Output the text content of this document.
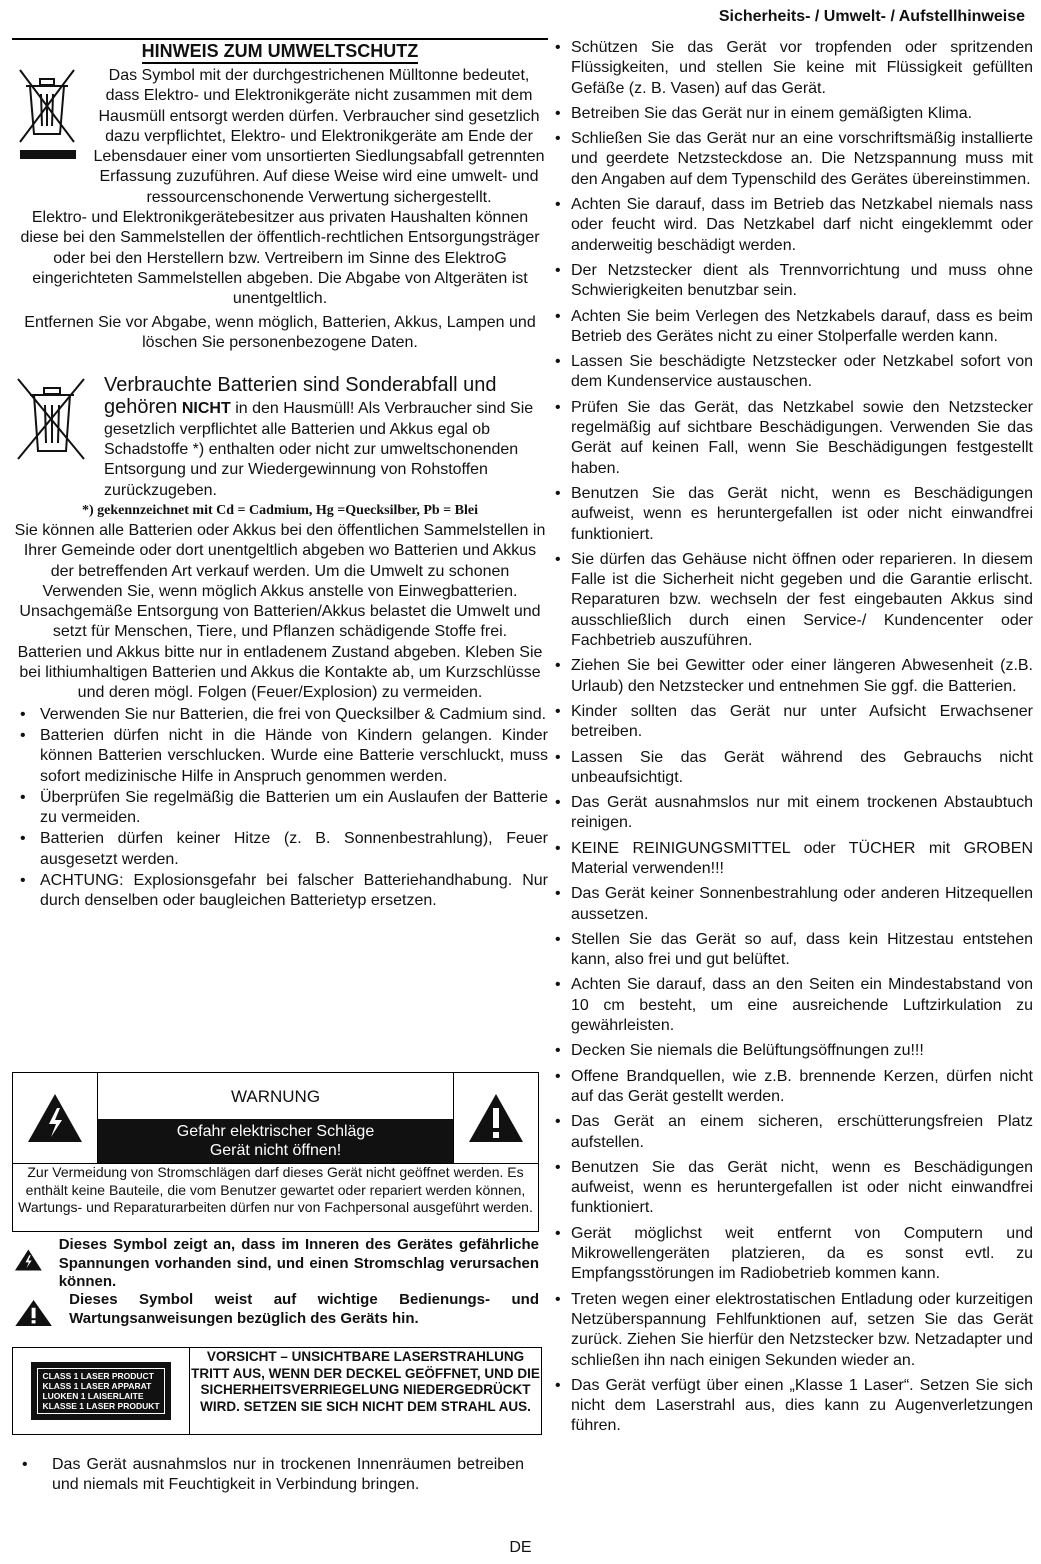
Sicherheits- / Umwelt- / Aufstellhinweise
HINWEIS ZUM UMWELTSCHUTZ

Das Symbol mit der durchgestrichenen Mülltonne bedeutet, dass Elektro- und Elektronikgeräte nicht zusammen mit dem Hausmüll entsorgt werden dürfen. Verbraucher sind gesetzlich dazu verpflichtet, Elektro- und Elektronikgeräte am Ende der Lebensdauer einer vom unsortierten Siedlungsabfall getrennten Erfassung zuzuführen. Auf diese Weise wird eine umwelt- und ressourcenschonende Verwertung sichergestellt.

Elektro- und Elektronikgerätebesitzer aus privaten Haushalten können diese bei den Sammelstellen der öffentlich-rechtlichen Entsorgungsträger oder bei den Herstellern bzw. Vertreibern im Sinne des ElektroG eingerichteten Sammelstellen abgeben. Die Abgabe von Altgeräten ist unentgeltlich.

Entfernen Sie vor Abgabe, wenn möglich, Batterien, Akkus, Lampen und löschen Sie personenbezogene Daten.

Verbrauchte Batterien sind Sonderabfall und gehören NICHT in den Hausmüll! Als Verbraucher sind Sie gesetzlich verpflichtet alle Batterien und Akkus egal ob Schadstoffe *) enthalten oder nicht zur umweltschonenden Entsorgung und zur Wiedergewinnung von Rohstoffen zurückzugeben.

*) gekennzeichnet mit Cd = Cadmium, Hg =Quecksilber, Pb = Blei

Sie können alle Batterien oder Akkus bei den öffentlichen Sammelstellen in Ihrer Gemeinde oder dort unentgeltlich abgeben wo Batterien und Akkus der betreffenden Art verkauf werden. Um die Umwelt zu schonen Verwenden Sie, wenn möglich Akkus anstelle von Einwegbatterien.

Unsachgemäße Entsorgung von Batterien/Akkus belastet die Umwelt und setzt für Menschen, Tiere, und Pflanzen schädigende Stoffe frei.

Batterien und Akkus bitte nur in entladenem Zustand abgeben. Kleben Sie bei lithiumhaltigen Batterien und Akkus die Kontakte ab, um Kurzschlüsse und deren mögl. Folgen (Feuer/Explosion) zu vermeiden.

• Verwenden Sie nur Batterien, die frei von Quecksilber & Cadmium sind.
• Batterien dürfen nicht in die Hände von Kindern gelangen. Kinder können Batterien verschlucken. Wurde eine Batterie verschluckt, muss sofort medizinische Hilfe in Anspruch genommen werden.
• Überprüfen Sie regelmäßig die Batterien um ein Auslaufen der Batterie zu vermeiden.
• Batterien dürfen keiner Hitze (z. B. Sonnenbestrahlung), Feuer ausgesetzt werden.
• ACHTUNG: Explosionsgefahr bei falscher Batteriehandhabung. Nur durch denselben oder baugleichen Batterietyp ersetzen.
WARNUNG
Gefahr elektrischer Schläge
Gerät nicht öffnen!
Zur Vermeidung von Stromschlägen darf dieses Gerät nicht geöffnet werden. Es enthält keine Bauteile, die vom Benutzer gewartet oder repariert werden können, Wartungs- und Reparaturarbeiten dürfen nur von Fachpersonal ausgeführt werden.
Dieses Symbol zeigt an, dass im Inneren des Gerätes gefährliche Spannungen vorhanden sind, und einen Stromschlag verursachen können.
Dieses Symbol weist auf wichtige Bedienungs- und Wartungsanweisungen bezüglich des Geräts hin.
CLASS 1 LASER PRODUCT
KLASS 1 LASER APPARAT
LUOKEN 1 LAISERLAITE
KLASSE 1 LASER PRODUKT
VORSICHT – UNSICHTBARE LASERSTRAHLUNG TRITT AUS, WENN DER DECKEL GEÖFFNET, UND DIE SICHERHEITSVERRIEGELUNG NIEDERGEDRÜCKT WIRD. SETZEN SIE SICH NICHT DEM STRAHL AUS.
• Das Gerät ausnahmslos nur in trockenen Innenräumen betreiben und niemals mit Feuchtigkeit in Verbindung bringen.
• Schützen Sie das Gerät vor tropfenden oder spritzenden Flüssigkeiten, und stellen Sie keine mit Flüssigkeit gefüllten Gefäße (z. B. Vasen) auf das Gerät.
• Betreiben Sie das Gerät nur in einem gemäßigten Klima.
• Schließen Sie das Gerät nur an eine vorschriftsmäßig installierte und geerdete Netzsteckdose an. Die Netzspannung muss mit den Angaben auf dem Typenschild des Gerätes übereinstimmen.
• Achten Sie darauf, dass im Betrieb das Netzkabel niemals nass oder feucht wird. Das Netzkabel darf nicht eingeklemmt oder anderweitig beschädigt werden.
• Der Netzstecker dient als Trennvorrichtung und muss ohne Schwierigkeiten benutzbar sein.
• Achten Sie beim Verlegen des Netzkabels darauf, dass es beim Betrieb des Gerätes nicht zu einer Stolperfalle werden kann.
• Lassen Sie beschädigte Netzstecker oder Netzkabel sofort von dem Kundenservice austauschen.
• Prüfen Sie das Gerät, das Netzkabel sowie den Netzstecker regelmäßig auf sichtbare Beschädigungen. Verwenden Sie das Gerät auf keinen Fall, wenn Sie Beschädigungen festgestellt haben.
• Benutzen Sie das Gerät nicht, wenn es Beschädigungen aufweist, wenn es heruntergefallen ist oder nicht einwandfrei funktioniert.
• Sie dürfen das Gehäuse nicht öffnen oder reparieren. In diesem Falle ist die Sicherheit nicht gegeben und die Garantie erlischt. Reparaturen bzw. wechseln der fest eingebauten Akkus sind ausschließlich durch einen Service-/ Kundencenter oder Fachbetrieb auszuführen.
• Ziehen Sie bei Gewitter oder einer längeren Abwesenheit (z.B. Urlaub) den Netzstecker und entnehmen Sie ggf. die Batterien.
• Kinder sollten das Gerät nur unter Aufsicht Erwachsener betreiben.
• Lassen Sie das Gerät während des Gebrauchs nicht unbeaufsichtigt.
• Das Gerät ausnahmslos nur mit einem trockenen Abstaubtuch reinigen.
• KEINE REINIGUNGSMITTEL oder TÜCHER mit GROBEN Material verwenden!!!
• Das Gerät keiner Sonnenbestrahlung oder anderen Hitzequellen aussetzen.
• Stellen Sie das Gerät so auf, dass kein Hitzestau entstehen kann, also frei und gut belüftet.
• Achten Sie darauf, dass an den Seiten ein Mindestabstand von 10 cm besteht, um eine ausreichende Luftzirkulation zu gewährleisten.
• Decken Sie niemals die Belüftungsöffnungen zu!!!
• Offene Brandquellen, wie z.B. brennende Kerzen, dürfen nicht auf das Gerät gestellt werden.
• Das Gerät an einem sicheren, erschütterungsfreien Platz aufstellen.
• Benutzen Sie das Gerät nicht, wenn es Beschädigungen aufweist, wenn es heruntergefallen ist oder nicht einwandfrei funktioniert.
• Gerät möglichst weit entfernt von Computern und Mikrowellengeräten platzieren, da es sonst evtl. zu Empfangsstörungen im Radiobetrieb kommen kann.
• Treten wegen einer elektrostatischen Entladung oder kurzeitigen Netzüberspannung Fehlfunktionen auf, setzen Sie das Gerät zurück. Ziehen Sie hierfür den Netzstecker bzw. Netzadapter und schließen ihn nach einigen Sekunden wieder an.
• Das Gerät verfügt über einen „Klasse 1 Laser“. Setzen Sie sich nicht dem Laserstrahl aus, dies kann zu Augenverletzungen führen.
DE
